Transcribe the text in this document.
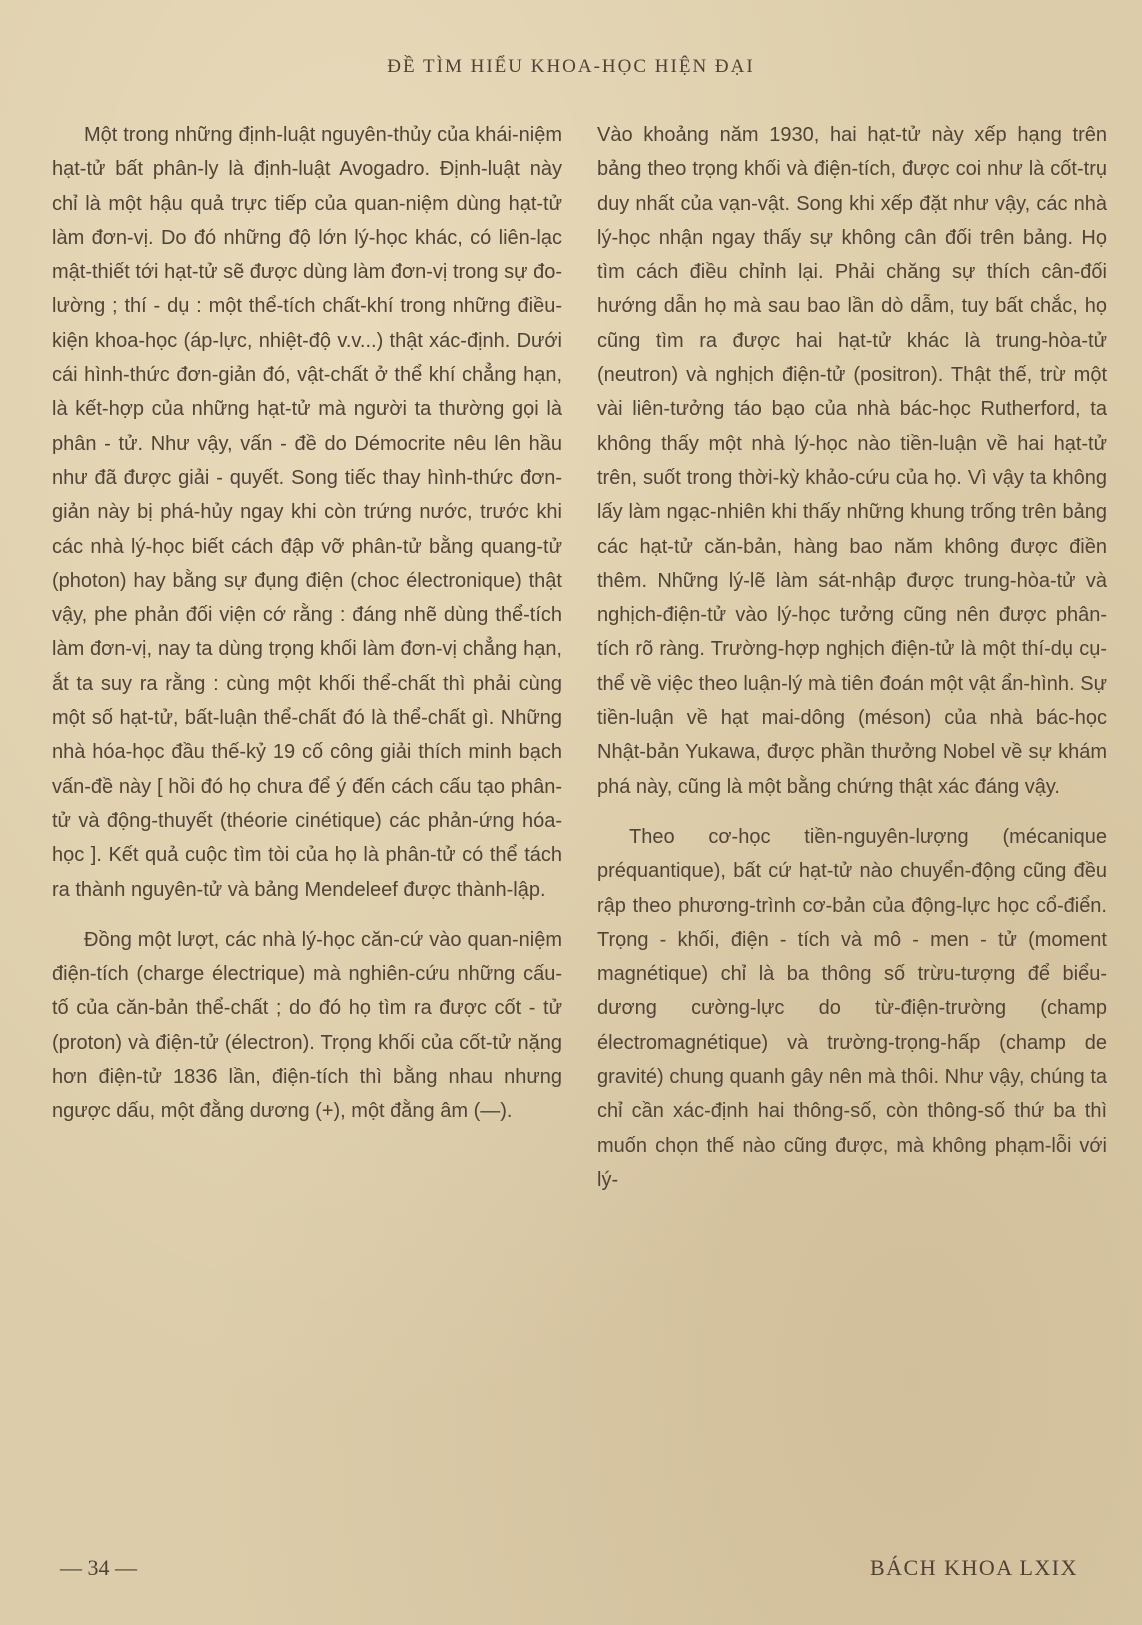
ĐỀ TÌM HIỂU KHOA-HỌC HIỆN ĐẠI

Một trong những định-luật nguyên-thủy của khái-niệm hạt-tử bất phân-ly là định-luật Avogadro. Định-luật này chỉ là một hậu quả trực tiếp của quan-niệm dùng hạt-tử làm đơn-vị. Do đó những độ lớn lý-học khác, có liên-lạc mật-thiết tới hạt-tử sẽ được dùng làm đơn-vị trong sự đo-lường ; thí - dụ : một thể-tích chất-khí trong những điều-kiện khoa-học (áp-lực, nhiệt-độ v.v...) thật xác-định. Dưới cái hình-thức đơn-giản đó, vật-chất ở thể khí chẳng hạn, là kết-hợp của những hạt-tử mà người ta thường gọi là phân - tử. Như vậy, vấn - đề do Démocrite nêu lên hầu như đã được giải - quyết. Song tiếc thay hình-thức đơn-giản này bị phá-hủy ngay khi còn trứng nước, trước khi các nhà lý-học biết cách đập vỡ phân-tử bằng quang-tử (photon) hay bằng sự đụng điện (choc électronique) thật vậy, phe phản đối viện cớ rằng : đáng nhẽ dùng thể-tích làm đơn-vị, nay ta dùng trọng khối làm đơn-vị chẳng hạn, ắt ta suy ra rằng : cùng một khối thể-chất thì phải cùng một số hạt-tử, bất-luận thể-chất đó là thể-chất gì. Những nhà hóa-học đầu thế-kỷ 19 cố công giải thích minh bạch vấn-đề này [ hồi đó họ chưa để ý đến cách cấu tạo phân-tử và động-thuyết (théorie cinétique) các phản-ứng hóa-học ]. Kết quả cuộc tìm tòi của họ là phân-tử có thể tách ra thành nguyên-tử và bảng Mendeleef được thành-lập.

Đồng một lượt, các nhà lý-học căn-cứ vào quan-niệm điện-tích (charge électrique) mà nghiên-cứu những cấu-tố của căn-bản thể-chất ; do đó họ tìm ra được cốt - tử (proton) và điện-tử (électron). Trọng khối của cốt-tử nặng hơn điện-tử 1836 lần, điện-tích thì bằng nhau nhưng ngược dấu, một đằng dương (+), một đằng âm (—).

Vào khoảng năm 1930, hai hạt-tử này xếp hạng trên bảng theo trọng khối và điện-tích, được coi như là cốt-trụ duy nhất của vạn-vật. Song khi xếp đặt như vậy, các nhà lý-học nhận ngay thấy sự không cân đối trên bảng. Họ tìm cách điều chỉnh lại. Phải chăng sự thích cân-đối hướng dẫn họ mà sau bao lần dò dẫm, tuy bất chắc, họ cũng tìm ra được hai hạt-tử khác là trung-hòa-tử (neutron) và nghịch điện-tử (positron). Thật thế, trừ một vài liên-tưởng táo bạo của nhà bác-học Rutherford, ta không thấy một nhà lý-học nào tiền-luận về hai hạt-tử trên, suốt trong thời-kỳ khảo-cứu của họ. Vì vậy ta không lấy làm ngạc-nhiên khi thấy những khung trống trên bảng các hạt-tử căn-bản, hàng bao năm không được điền thêm. Những lý-lẽ làm sát-nhập được trung-hòa-tử và nghịch-điện-tử vào lý-học tưởng cũng nên được phân-tích rõ ràng. Trường-hợp nghịch điện-tử là một thí-dụ cụ-thể về việc theo luận-lý mà tiên đoán một vật ẩn-hình. Sự tiền-luận về hạt mai-dông (méson) của nhà bác-học Nhật-bản Yukawa, được phần thưởng Nobel về sự khám phá này, cũng là một bằng chứng thật xác đáng vậy.

Theo cơ-học tiền-nguyên-lượng (mécanique préquantique), bất cứ hạt-tử nào chuyển-động cũng đều rập theo phương-trình cơ-bản của động-lực học cổ-điển. Trọng - khối, điện - tích và mô - men - tử (moment magnétique) chỉ là ba thông số trừu-tượng để biểu-dương cường-lực do từ-điện-trường (champ électromagnétique) và trường-trọng-hấp (champ de gravité) chung quanh gây nên mà thôi. Như vậy, chúng ta chỉ cần xác-định hai thông-số, còn thông-số thứ ba thì muốn chọn thế nào cũng được, mà không phạm-lỗi với lý-

— 34 —	BÁCH KHOA LXIX
